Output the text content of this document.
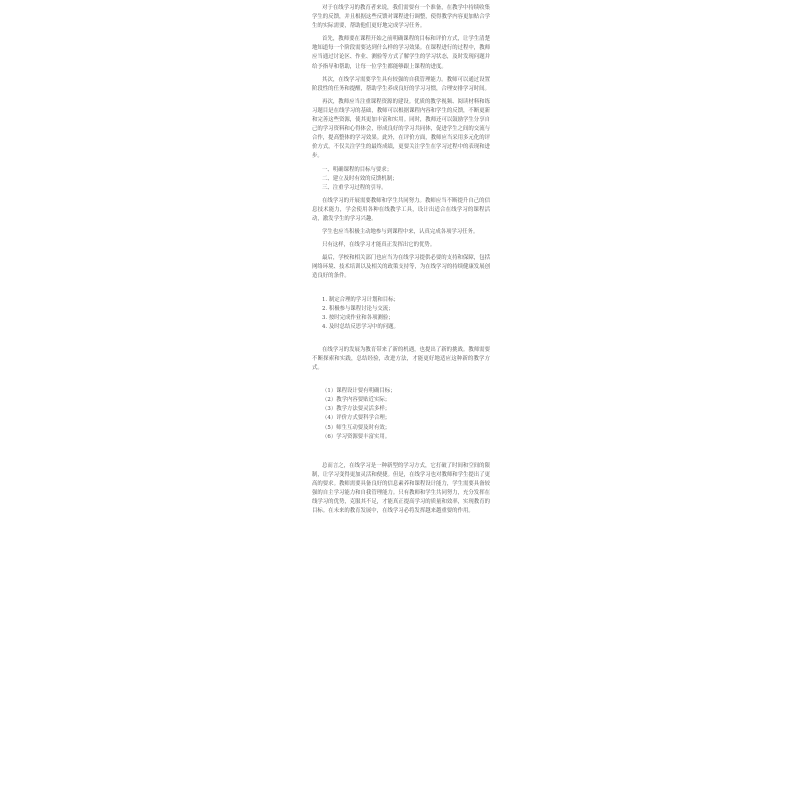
对于在线学习的教育者来说，我们需要有一个准备，在教学中持续收集学生的反馈，并且根据这些反馈对课程进行调整，使得教学内容更加贴合学生的实际需要，帮助他们更好地完成学习任务。

首先，教师要在课程开始之前明确课程的目标和评价方式，让学生清楚地知道每一个阶段需要达到什么样的学习效果。在课程进行的过程中，教师应当通过讨论区、作业、测验等方式了解学生的学习状态，及时发现问题并给予指导和帮助，让每一位学生都能够跟上课程的进度。

其次，在线学习需要学生具有较强的自我管理能力。教师可以通过设置阶段性的任务和提醒，帮助学生养成良好的学习习惯，合理安排学习时间。

再次，教师应当注重课程资源的建设。优质的教学视频、阅读材料和练习题目是在线学习的基础，教师可以根据课程内容和学生的反馈，不断更新和完善这些资源，使其更加丰富和实用。同时，教师还可以鼓励学生分享自己的学习资料和心得体会，形成良好的学习共同体，促进学生之间的交流与合作，提高整体的学习效果。此外，在评价方面，教师应当采用多元化的评价方式，不仅关注学生的最终成绩，更要关注学生在学习过程中的表现和进步。

一、明确课程的目标与要求；
二、建立及时有效的反馈机制；
三、注重学习过程的引导。

在线学习的开展需要教师和学生共同努力。教师应当不断提升自己的信息技术能力，学会使用各种在线教学工具，设计出适合在线学习的课程活动，激发学生的学习兴趣。

学生也应当积极主动地参与到课程中来，认真完成各项学习任务。

只有这样，在线学习才能真正发挥出它的优势。

最后，学校和相关部门也应当为在线学习提供必要的支持和保障，包括网络环境、技术培训以及相关的政策支持等，为在线学习的持续健康发展创造良好的条件。

1. 制定合理的学习计划和目标；
2. 积极参与课程讨论与交流；
3. 按时完成作业和各项测验；
4. 及时总结反思学习中的问题。

在线学习的发展为教育带来了新的机遇，也提出了新的挑战。教师需要不断探索和实践，总结经验，改进方法，才能更好地适应这种新的教学方式。

（1）课程设计要有明确目标；
（2）教学内容要贴近实际；
（3）教学方法要灵活多样；
（4）评价方式要科学合理；
（5）师生互动要及时有效；
（6）学习资源要丰富实用。

总而言之，在线学习是一种新型的学习方式，它打破了时间和空间的限制，让学习变得更加灵活和便捷。但是，在线学习也对教师和学生提出了更高的要求。教师需要具备良好的信息素养和课程设计能力，学生需要具备较强的自主学习能力和自我管理能力。只有教师和学生共同努力，充分发挥在线学习的优势，克服其不足，才能真正提高学习的质量和效率，实现教育的目标。在未来的教育发展中，在线学习必将发挥越来越重要的作用。
